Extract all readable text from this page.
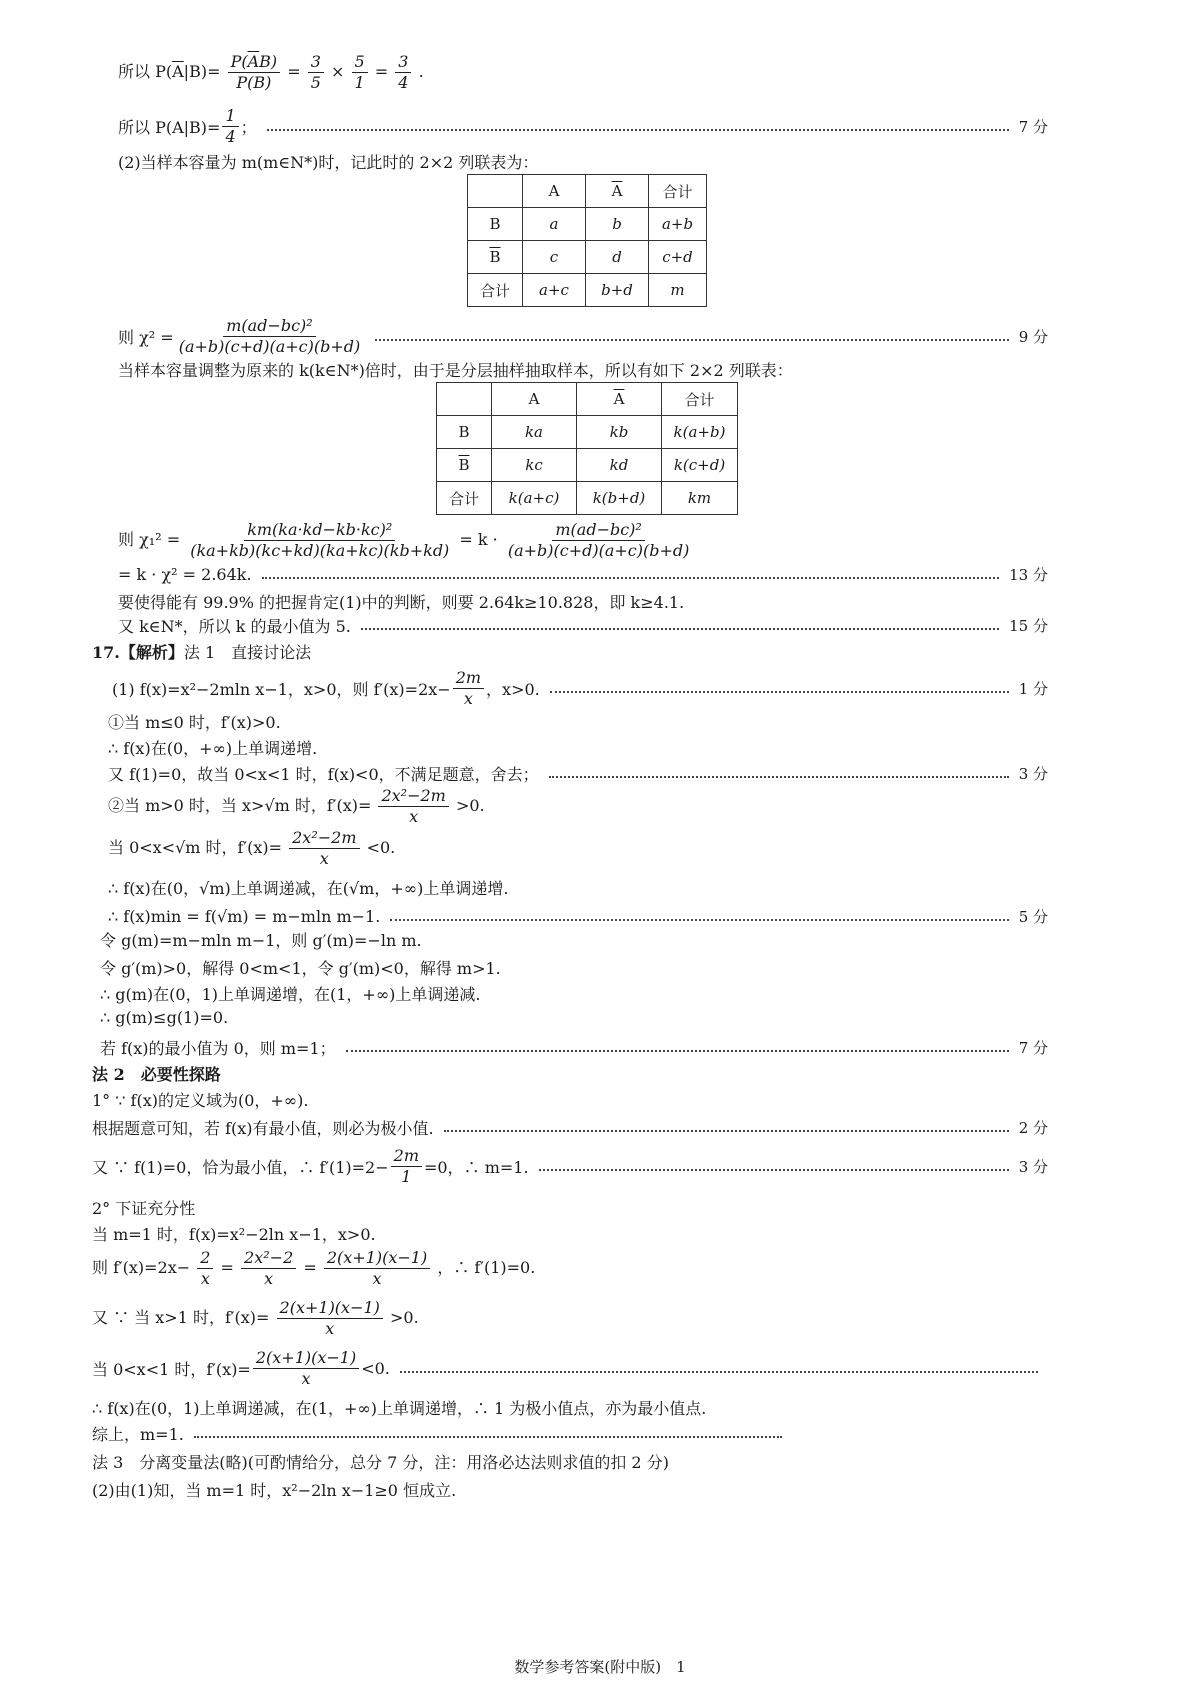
所以 $P(\overline{A}|B)= \frac{P(\overline{A}B)}{P(B)} = \frac{3}{5} \times \frac{5}{1} = \frac{3}{4}$ .
所以 $P(A|B)= \frac{1}{4}$ ；	7 分
(2)当样本容量为 m(m∈N*)时，记此时的 2×2 列联表为：
	A	$\overline{A}$	合计
B	a	b	a+b
$\overline{B}$	c	d	c+d
合计	a+c	b+d	m
则 $\chi^2 = \frac{\text{m(ad−bc)²}}{(a+b)(c+d)(a+c)(b+d)}$	9 分
当样本容量调整为原来的 k(k∈N*)倍时，由于是分层抽样抽取样本，所以有如下 2×2 列联表：
	A	$\overline{A}$	合计
B	ka	kb	k(a+b)
$\overline{B}$	kc	kd	k(c+d)
合计	k(a+c)	k(b+d)	km
则 $\chi_1^2 = \frac{\text{km(ka·kd−kb·kc)²}}{(ka+kb)(kc+kd)(ka+kc)(kb+kd)} = k \cdot \frac{\text{m(ad−bc)²}}{(a+b)(c+d)(a+c)(b+d)}$
= k · χ² = 2.64k.	13 分
要使得能有 99.9% 的把握肯定(1)中的判断，则要 2.64k≥10.828，即 k≥4.1.
又 k∈N*，所以 k 的最小值为 5.	15 分
17.【解析】法 1　直接讨论法
(1) f(x)=x²−2mln x−1，x>0，则 $f'(x)=2x- \frac{2m}{x}$ ，x>0.	1 分
①当 m≤0 时，f′(x)>0.
∴ f(x)在(0，+∞)上单调递增.
又 f(1)=0，故当 0<x<1 时，f(x)<0，不满足题意，舍去；	3 分
②当 m>0 时，当 x>√m 时，$f'(x)= \frac{\text{2x²−2m}}{x} >0$.
当 0<x<√m 时，$f'(x)= \frac{\text{2x²−2m}}{x} <0$.
∴ f(x)在(0，√m)上单调递减，在(√m，+∞)上单调递增.
∴ f(x)min = f(√m) = m−mln m−1.	5 分
令 g(m)=m−mln m−1，则 g′(m)=−ln m.
令 g′(m)>0，解得 0<m<1，令 g′(m)<0，解得 m>1.
∴ g(m)在(0，1)上单调递增，在(1，+∞)上单调递减.
∴ g(m)≤g(1)=0.
若 f(x)的最小值为 0，则 m=1；	7 分
法 2　必要性探路
1° ∵ f(x)的定义域为(0，+∞).
根据题意可知，若 f(x)有最小值，则必为极小值.	2 分
又 ∵ f(1)=0，恰为最小值，∴ $f'(1)=2- \frac{2m}{1} =0$，∴ m=1.	3 分
2° 下证充分性
当 m=1 时，f(x)=x²−2ln x−1，x>0.
则 $f'(x)=2x- \frac{2}{x} = \frac{\text{2x²−2}}{x} = \frac{2(x+1)(x-1)}{x}$ ，∴ f′(1)=0.
又 ∵ 当 x>1 时，$f'(x)= \frac{2(x+1)(x-1)}{x} >0$.
当 0<x<1 时，$f'(x)= \frac{2(x+1)(x-1)}{x} <0$.
∴ f(x)在(0，1)上单调递减，在(1，+∞)上单调递增，∴ 1 为极小值点，亦为最小值点.
综上，m=1.
法 3　分离变量法(略)(可酌情给分，总分 7 分，注：用洛必达法则求值的扣 2 分)
(2)由(1)知，当 m=1 时，x²−2ln x−1≥0 恒成立.
数学参考答案(附中版)　1
